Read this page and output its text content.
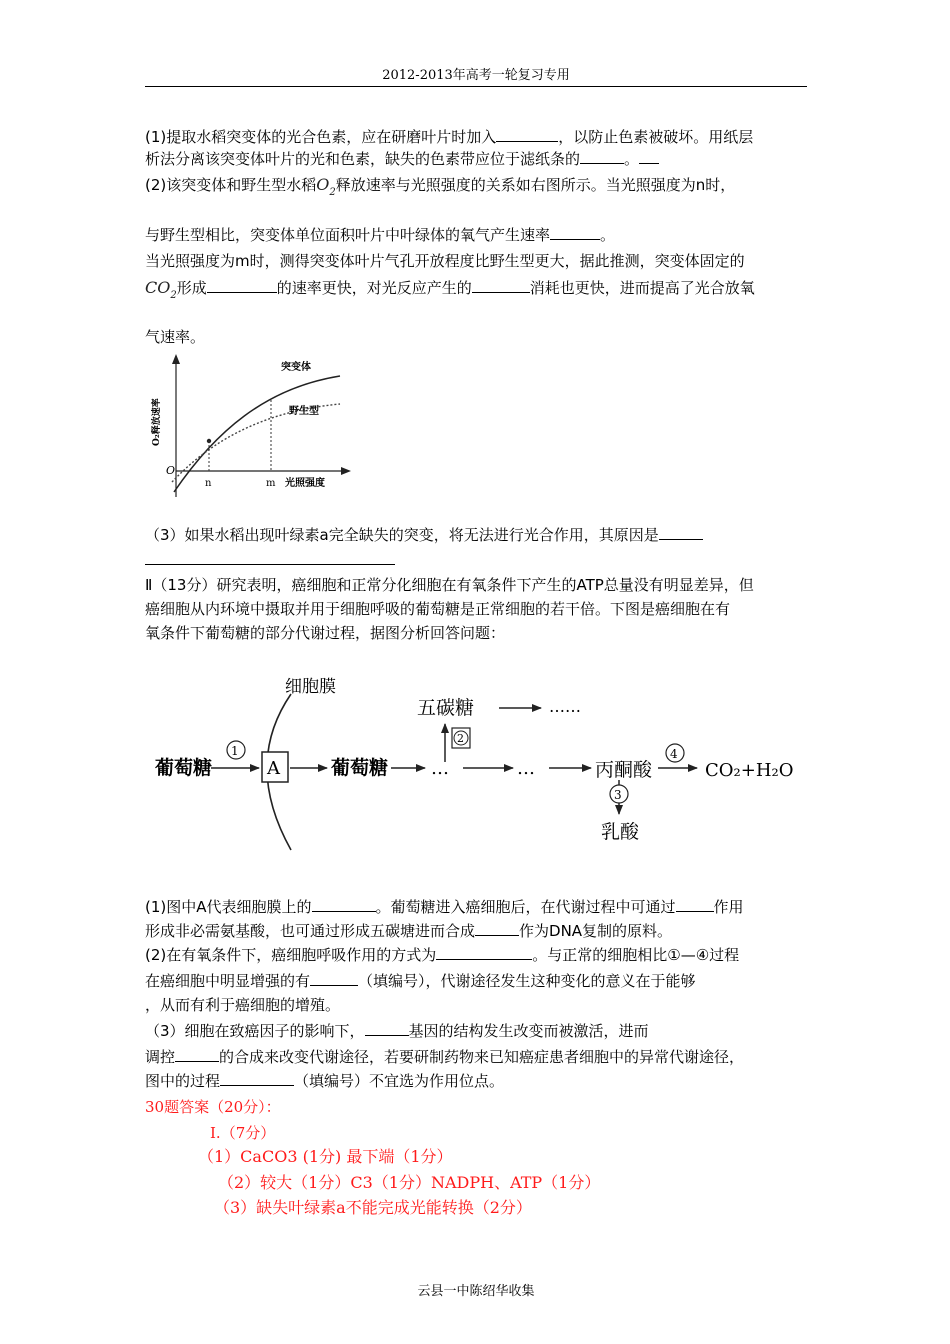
2012-2013年高考一轮复习专用
(1)提取水稻突变体的光合色素，应在研磨叶片时加入	，以防止色素被破坏。用纸层
析法分离该突变体叶片的光和色素，缺失的色素带应位于滤纸条的	。
(2)该突变体和野生型水稻$O_2$释放速率与光照强度的关系如右图所示。当光照强度为n时，
与野生型相比，突变体单位面积叶片中叶绿体的氧气产生速率	。
当光照强度为m时，测得突变体叶片气孔开放程度比野生型更大，据此推测，突变体固定的
$CO_2$形成	的速率更快，对光反应产生的	消耗也更快，进而提高了光合放氧
气速率。
O
n	m 光照强度
突变体
野生型
O₂释放速率
（3）如果水稻出现叶绿素a完全缺失的突变，将无法进行光合作用，其原因是
Ⅱ（13分）研究表明，癌细胞和正常分化细胞在有氧条件下产生的ATP总量没有明显差异，但
癌细胞从内环境中摄取并用于细胞呼吸的葡萄糖是正常细胞的若干倍。下图是癌细胞在有
氧条件下葡萄糖的部分代谢过程，据图分析回答问题：
细胞膜
葡萄糖
1
A	葡萄糖 …	…	丙酮酸
4
CO₂+H₂O
2
五碳糖	……
3
乳酸
(1)图中A代表细胞膜上的	。葡萄糖进入癌细胞后，在代谢过程中可通过	作用
形成非必需氨基酸，也可通过形成五碳塘进而合成	作为DNA复制的原料。
(2)在有氧条件下，癌细胞呼吸作用的方式为	。与正常的细胞相比①—④过程
在癌细胞中明显增强的有	（填编号），代谢途径发生这种变化的意义在于能够
，从而有利于癌细胞的增殖。
（3）细胞在致癌因子的影响下，	基因的结构发生改变而被激活，进而
调控	的合成来改变代谢途径，若要研制药物来已知癌症患者细胞中的异常代谢途径，
图中的过程	（填编号）不宜选为作用位点。
30题答案（20分）：
I.（7分）
（1）CaCO3 (1分) 最下端（1分）
（2）较大（1分）C3（1分）NADPH、ATP（1分）
（3）缺失叶绿素a不能完成光能转换（2分）
云县一中陈绍华收集
